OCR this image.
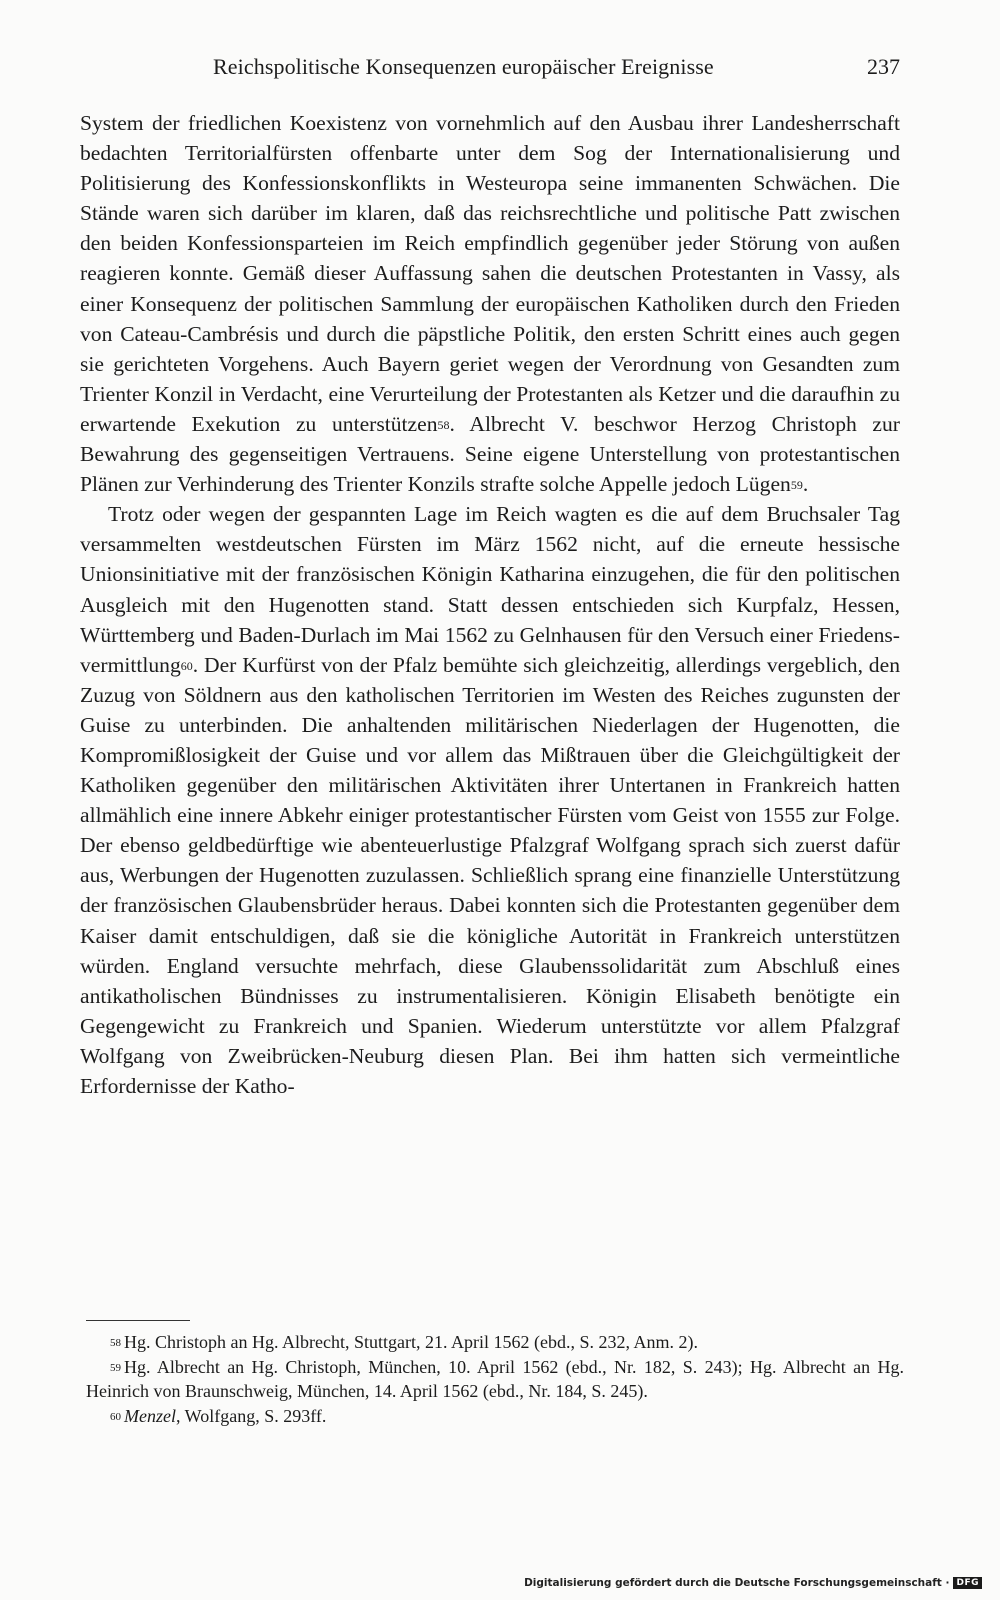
Reichspolitische Konsequenzen europäischer Ereignisse	237

System der friedlichen Koexistenz von vornehmlich auf den Ausbau ihrer Landesherrschaft bedachten Territorialfürsten offenbarte unter dem Sog der Internationalisierung und Politisierung des Konfessionskonflikts in Westeuropa seine immanenten Schwächen. Die Stände waren sich darüber im klaren, daß das reichsrechtliche und politische Patt zwischen den beiden Konfessionsparteien im Reich empfindlich gegenüber jeder Störung von außen reagieren konnte. Gemäß dieser Auffassung sahen die deutschen Protestanten in Vassy, als einer Konsequenz der politischen Sammlung der europäischen Katholiken durch den Frieden von Cateau-Cambrésis und durch die päpstliche Politik, den ersten Schritt eines auch gegen sie gerichteten Vorgehens. Auch Bayern geriet wegen der Verordnung von Gesandten zum Trienter Konzil in Verdacht, eine Verurteilung der Protestanten als Ketzer und die daraufhin zu erwartende Exekution zu unterstützen$^{58}$. Albrecht V. beschwor Herzog Christoph zur Bewahrung des gegenseitigen Vertrauens. Seine eigene Unterstellung von protestantischen Plänen zur Verhinderung des Trienter Konzils strafte solche Appelle jedoch Lügen$^{59}$.

Trotz oder wegen der gespannten Lage im Reich wagten es die auf dem Bruchsaler Tag versammelten westdeutschen Fürsten im März 1562 nicht, auf die erneute hessische Unionsinitiative mit der französischen Königin Katharina einzugehen, die für den politischen Ausgleich mit den Hugenotten stand. Statt dessen entschieden sich Kurpfalz, Hessen, Württemberg und Baden-Durlach im Mai 1562 zu Gelnhausen für den Versuch einer Friedensvermittlung$^{60}$. Der Kurfürst von der Pfalz bemühte sich gleichzeitig, allerdings vergeblich, den Zuzug von Söldnern aus den katholischen Territorien im Westen des Reiches zugunsten der Guise zu unterbinden. Die anhaltenden militärischen Niederlagen der Hugenotten, die Kompromißlosigkeit der Guise und vor allem das Mißtrauen über die Gleichgültigkeit der Katholiken gegenüber den militärischen Aktivitäten ihrer Untertanen in Frankreich hatten allmählich eine innere Abkehr einiger protestantischer Fürsten vom Geist von 1555 zur Folge. Der ebenso geldbedürftige wie abenteuerlustige Pfalzgraf Wolfgang sprach sich zuerst dafür aus, Werbungen der Hugenotten zuzulassen. Schließlich sprang eine finanzielle Unterstützung der französischen Glaubensbrüder heraus. Dabei konnten sich die Protestanten gegenüber dem Kaiser damit entschuldigen, daß sie die königliche Autorität in Frankreich unterstützen würden. England versuchte mehrfach, diese Glaubenssolidarität zum Abschluß eines antikatholischen Bündnisses zu instrumentalisieren. Königin Elisabeth benötigte ein Gegengewicht zu Frankreich und Spanien. Wiederum unterstützte vor allem Pfalzgraf Wolfgang von Zweibrücken-Neuburg diesen Plan. Bei ihm hatten sich vermeintliche Erfordernisse der Katho-

$^{58}$ Hg. Christoph an Hg. Albrecht, Stuttgart, 21. April 1562 (ebd., S. 232, Anm. 2).

$^{59}$ Hg. Albrecht an Hg. Christoph, München, 10. April 1562 (ebd., Nr. 182, S. 243); Hg. Albrecht an Hg. Heinrich von Braunschweig, München, 14. April 1562 (ebd., Nr. 184, S. 245).

$^{60}$ Menzel, Wolfgang, S. 293ff.

Digitalisierung gefördert durch die Deutsche Forschungsgemeinschaft · DFG
